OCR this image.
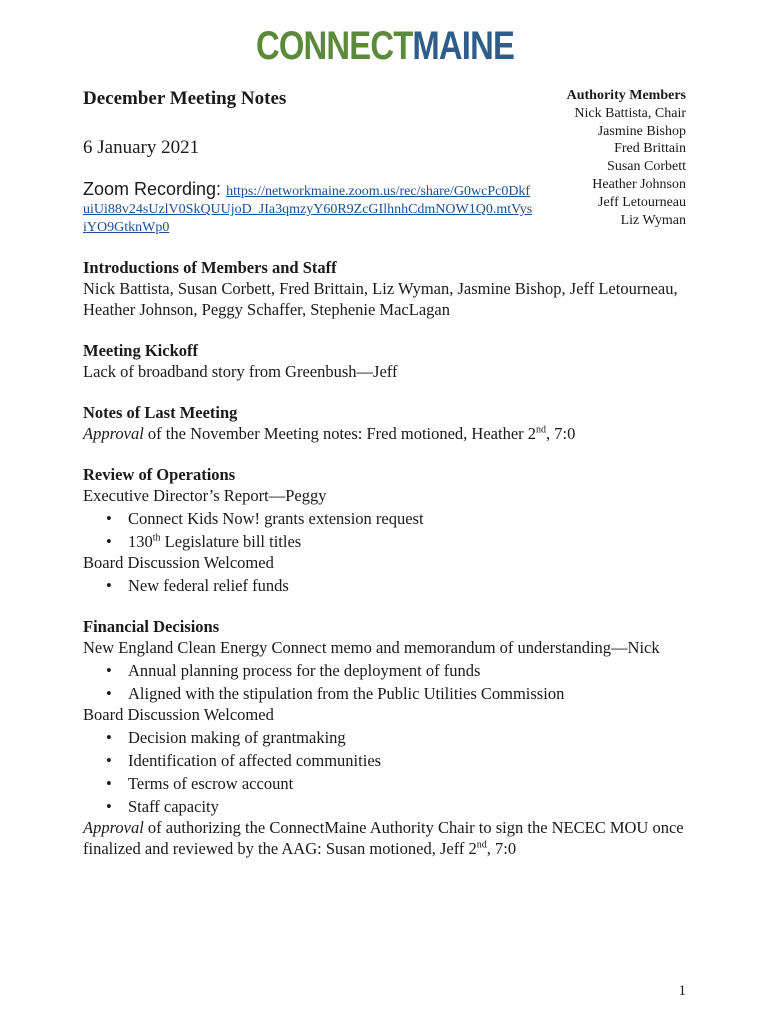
CONNECTMAINE
December Meeting Notes
6 January 2021
Zoom Recording: https://networkmaine.zoom.us/rec/share/G0wcPc0DkfuiUi88v24sUzlV0SkQUUjoD_JIa3qmzyY60R9ZcGIlhnhCdmNOW1Q0.mtVysiYO9GtknWp0
Authority Members
Nick Battista, Chair
Jasmine Bishop
Fred Brittain
Susan Corbett
Heather Johnson
Jeff Letourneau
Liz Wyman
Introductions of Members and Staff
Nick Battista, Susan Corbett, Fred Brittain, Liz Wyman, Jasmine Bishop, Jeff Letourneau, Heather Johnson, Peggy Schaffer, Stephenie MacLagan
Meeting Kickoff
Lack of broadband story from Greenbush—Jeff
Notes of Last Meeting
Approval of the November Meeting notes: Fred motioned, Heather 2nd, 7:0
Review of Operations
Executive Director’s Report—Peggy
• Connect Kids Now! grants extension request
• 130th Legislature bill titles
Board Discussion Welcomed
• New federal relief funds
Financial Decisions
New England Clean Energy Connect memo and memorandum of understanding—Nick
• Annual planning process for the deployment of funds
• Aligned with the stipulation from the Public Utilities Commission
Board Discussion Welcomed
• Decision making of grantmaking
• Identification of affected communities
• Terms of escrow account
• Staff capacity
Approval of authorizing the ConnectMaine Authority Chair to sign the NECEC MOU once finalized and reviewed by the AAG: Susan motioned, Jeff 2nd, 7:0
1
